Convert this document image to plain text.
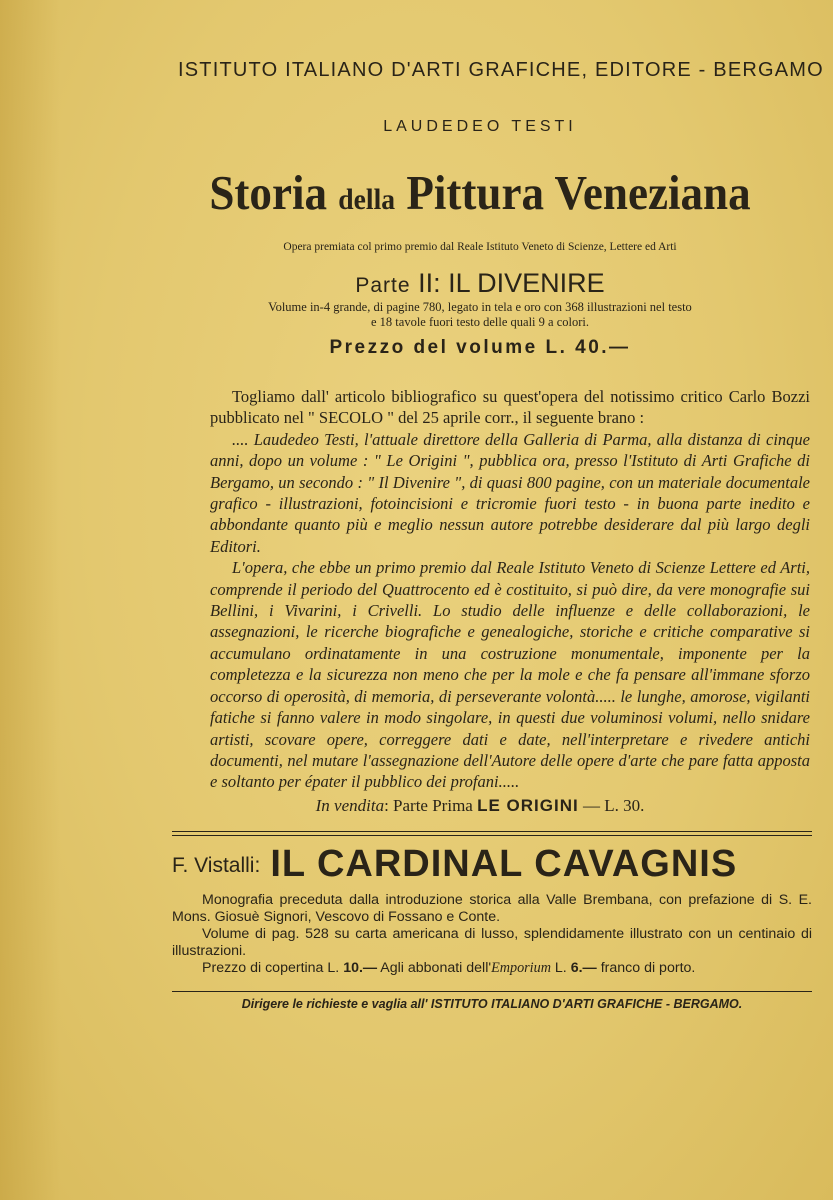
ISTITUTO ITALIANO D'ARTI GRAFICHE, EDITORE - BERGAMO
LAUDEDEO TESTI
Storia della Pittura Veneziana
Opera premiata col primo premio dal Reale Istituto Veneto di Scienze, Lettere ed Arti
Parte II: IL DIVENIRE
Volume in-4 grande, di pagine 780, legato in tela e oro con 368 illustrazioni nel testo
e 18 tavole fuori testo delle quali 9 a colori.
Prezzo del volume L. 40.—

Togliamo dall' articolo bibliografico su quest'opera del notissimo critico Carlo Bozzi pubblicato nel " SECOLO " del 25 aprile corr., il seguente brano :

.... Laudedeo Testi, l'attuale direttore della Galleria di Parma, alla distanza di cinque anni, dopo un volume : " Le Origini ", pubblica ora, presso l'Istituto di Arti Grafiche di Bergamo, un secondo : " Il Divenire ", di quasi 800 pagine, con un materiale documentale grafico - illustrazioni, fotoincisioni e tricromie fuori testo - in buona parte inedito e abbondante quanto più e meglio nessun autore potrebbe desiderare dal più largo degli Editori.

L'opera, che ebbe un primo premio dal Reale Istituto Veneto di Scienze Lettere ed Arti, comprende il periodo del Quattrocento ed è costituito, si può dire, da vere monografie sui Bellini, i Vivarini, i Crivelli. Lo studio delle influenze e delle collaborazioni, le assegnazioni, le ricerche biografiche e genealogiche, storiche e critiche comparative si accumulano ordinatamente in una costruzione monumentale, imponente per la completezza e la sicurezza non meno che per la mole e che fa pensare all'immane sforzo occorso di operosità, di memoria, di perseverante volontà..... le lunghe, amorose, vigilanti fatiche si fanno valere in modo singolare, in questi due voluminosi volumi, nello snidare artisti, scovare opere, correggere dati e date, nell'interpretare e rivedere antichi documenti, nel mutare l'assegnazione dell'Autore delle opere d'arte che pare fatta apposta e soltanto per épater il pubblico dei profani.....

In vendita: Parte Prima LE ORIGINI — L. 30.
F. Vistalli: IL CARDINAL CAVAGNIS

Monografia preceduta dalla introduzione storica alla Valle Brembana, con prefazione di S. E. Mons. Giosuè Signori, Vescovo di Fossano e Conte.

Volume di pag. 528 su carta americana di lusso, splendidamente illustrato con un centinaio di illustrazioni.

Prezzo di copertina L. 10.— Agli abbonati dell'Emporium L. 6.— franco di porto.

Dirigere le richieste e vaglia all' ISTITUTO ITALIANO D'ARTI GRAFICHE - BERGAMO.
